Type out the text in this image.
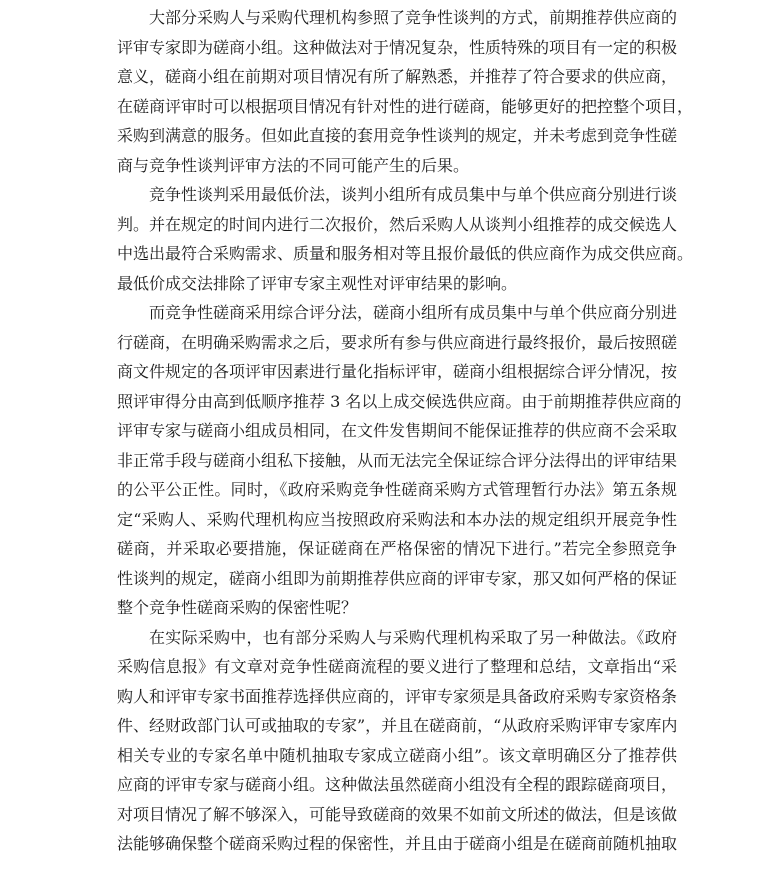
大部分采购人与采购代理机构参照了竞争性谈判的方式，前期推荐供应商的
评审专家即为磋商小组。这种做法对于情况复杂，性质特殊的项目有一定的积极
意义，磋商小组在前期对项目情况有所了解熟悉，并推荐了符合要求的供应商，
在磋商评审时可以根据项目情况有针对性的进行磋商，能够更好的把控整个项目，
采购到满意的服务。但如此直接的套用竞争性谈判的规定，并未考虑到竞争性磋
商与竞争性谈判评审方法的不同可能产生的后果。
竞争性谈判采用最低价法，谈判小组所有成员集中与单个供应商分别进行谈
判。并在规定的时间内进行二次报价，然后采购人从谈判小组推荐的成交候选人
中选出最符合采购需求、质量和服务相对等且报价最低的供应商作为成交供应商。
最低价成交法排除了评审专家主观性对评审结果的影响。
而竞争性磋商采用综合评分法，磋商小组所有成员集中与单个供应商分别进
行磋商，在明确采购需求之后，要求所有参与供应商进行最终报价，最后按照磋
商文件规定的各项评审因素进行量化指标评审，磋商小组根据综合评分情况，按
照评审得分由高到低顺序推荐 3 名以上成交候选供应商。由于前期推荐供应商的
评审专家与磋商小组成员相同，在文件发售期间不能保证推荐的供应商不会采取
非正常手段与磋商小组私下接触，从而无法完全保证综合评分法得出的评审结果
的公平公正性。同时，《政府采购竞争性磋商采购方式管理暂行办法》第五条规
定“采购人、采购代理机构应当按照政府采购法和本办法的规定组织开展竞争性
磋商，并采取必要措施，保证磋商在严格保密的情况下进行。”若完全参照竞争
性谈判的规定，磋商小组即为前期推荐供应商的评审专家，那又如何严格的保证
整个竞争性磋商采购的保密性呢？
在实际采购中，也有部分采购人与采购代理机构采取了另一种做法。《政府
采购信息报》有文章对竞争性磋商流程的要义进行了整理和总结，文章指出“采
购人和评审专家书面推荐选择供应商的，评审专家须是具备政府采购专家资格条
件、经财政部门认可或抽取的专家”，并且在磋商前，“从政府采购评审专家库内
相关专业的专家名单中随机抽取专家成立磋商小组”。该文章明确区分了推荐供
应商的评审专家与磋商小组。这种做法虽然磋商小组没有全程的跟踪磋商项目，
对项目情况了解不够深入，可能导致磋商的效果不如前文所述的做法，但是该做
法能够确保整个磋商采购过程的保密性，并且由于磋商小组是在磋商前随机抽取
